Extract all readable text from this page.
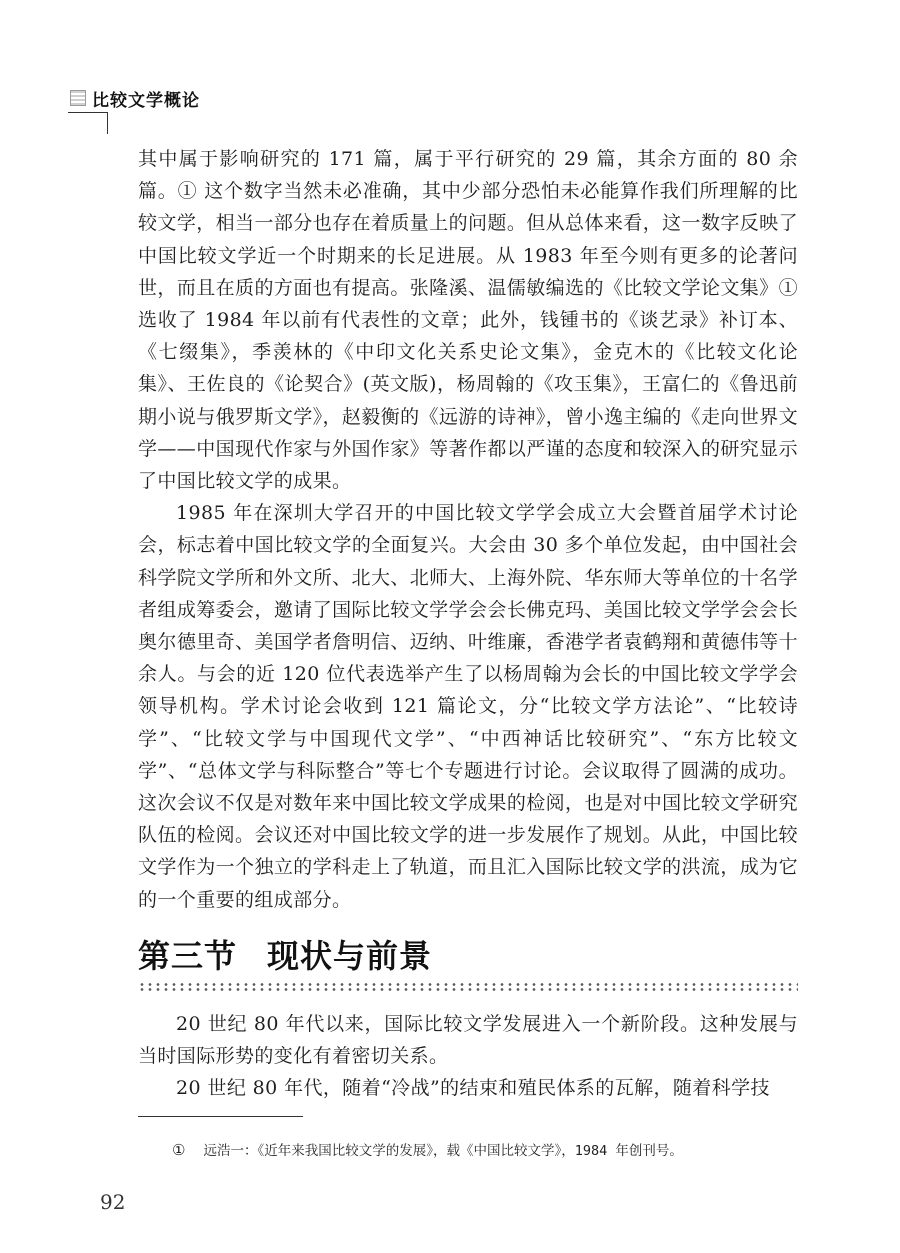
比较文学概论

其中属于影响研究的 171 篇，属于平行研究的 29 篇，其余方面的 80 余篇。① 这个数字当然未必准确，其中少部分恐怕未必能算作我们所理解的比较文学，相当一部分也存在着质量上的问题。但从总体来看，这一数字反映了中国比较文学近一个时期来的长足进展。从 1983 年至今则有更多的论著问世，而且在质的方面也有提高。张隆溪、温儒敏编选的《比较文学论文集》①选收了 1984 年以前有代表性的文章；此外，钱锺书的《谈艺录》补订本、《七缀集》，季羡林的《中印文化关系史论文集》，金克木的《比较文化论集》、王佐良的《论契合》(英文版)，杨周翰的《攻玉集》，王富仁的《鲁迅前期小说与俄罗斯文学》，赵毅衡的《远游的诗神》，曾小逸主编的《走向世界文学——中国现代作家与外国作家》等著作都以严谨的态度和较深入的研究显示了中国比较文学的成果。

1985 年在深圳大学召开的中国比较文学学会成立大会暨首届学术讨论会，标志着中国比较文学的全面复兴。大会由 30 多个单位发起，由中国社会科学院文学所和外文所、北大、北师大、上海外院、华东师大等单位的十名学者组成筹委会，邀请了国际比较文学学会会长佛克玛、美国比较文学学会会长奥尔德里奇、美国学者詹明信、迈纳、叶维廉，香港学者袁鹤翔和黄德伟等十余人。与会的近 120 位代表选举产生了以杨周翰为会长的中国比较文学学会领导机构。学术讨论会收到 121 篇论文，分“比较文学方法论”、“比较诗学”、“比较文学与中国现代文学”、“中西神话比较研究”、“东方比较文学”、“总体文学与科际整合”等七个专题进行讨论。会议取得了圆满的成功。这次会议不仅是对数年来中国比较文学成果的检阅，也是对中国比较文学研究队伍的检阅。会议还对中国比较文学的进一步发展作了规划。从此，中国比较文学作为一个独立的学科走上了轨道，而且汇入国际比较文学的洪流，成为它的一个重要的组成部分。

第三节 现状与前景

20 世纪 80 年代以来，国际比较文学发展进入一个新阶段。这种发展与当时国际形势的变化有着密切关系。

20 世纪 80 年代，随着“冷战”的结束和殖民体系的瓦解，随着科学技

① 远浩一：《近年来我国比较文学的发展》，载《中国比较文学》，1984 年创刊号。
92
